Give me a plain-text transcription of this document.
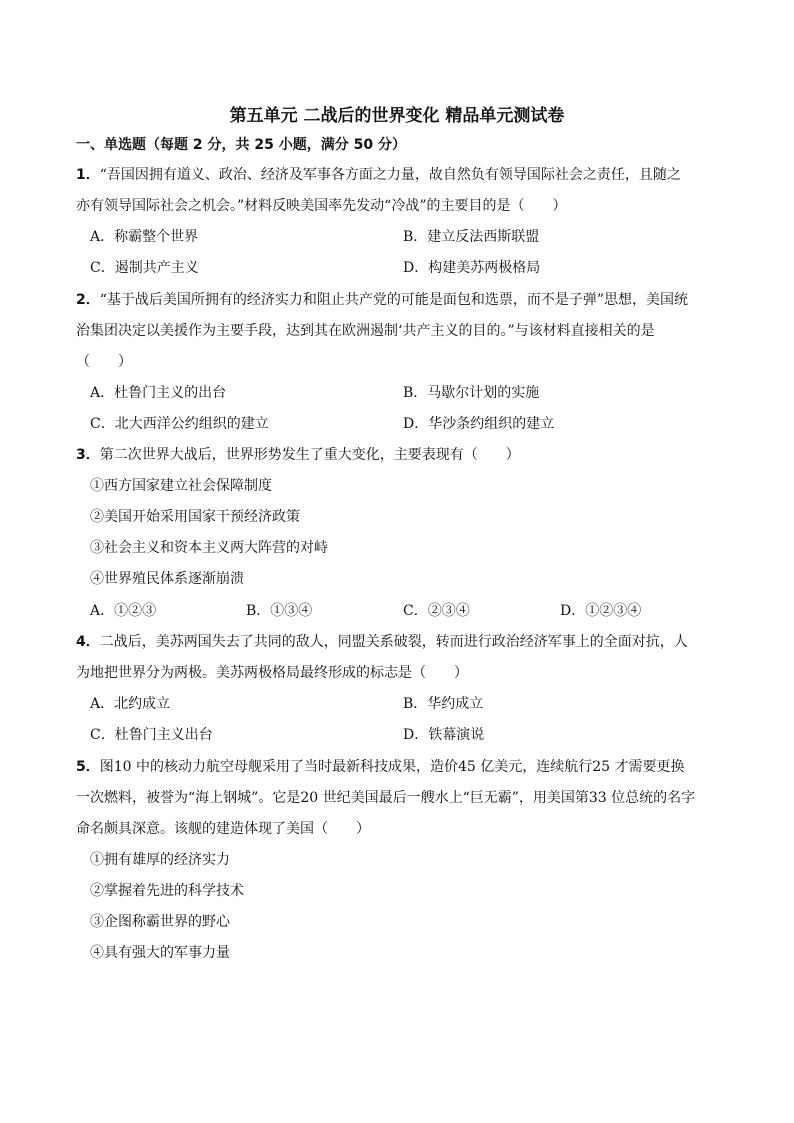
第五单元 二战后的世界变化 精品单元测试卷
一、单选题（每题 2 分，共 25 小题，满分 50 分）
1．“吾国因拥有道义、政治、经济及军事各方面之力量，故自然负有领导国际社会之责任，且随之
亦有领导国际社会之机会。”材料反映美国率先发动“冷战”的主要目的是（　　）
A．称霸整个世界	B．建立反法西斯联盟
C．遏制共产主义	D．构建美苏两极格局
2．“基于战后美国所拥有的经济实力和阻止共产党的可能是面包和选票，而不是子弹”思想，美国统
治集团决定以美援作为主要手段，达到其在欧洲遏制‘共产主义的目的。”与该材料直接相关的是
（　　）
A．杜鲁门主义的出台	B．马歇尔计划的实施
C．北大西洋公约组织的建立	D．华沙条约组织的建立
3．第二次世界大战后，世界形势发生了重大变化，主要表现有（　　）
①西方国家建立社会保障制度
②美国开始采用国家干预经济政策
③社会主义和资本主义两大阵营的对峙
④世界殖民体系逐渐崩溃
A．①②③	B．①③④	C．②③④	D．①②③④
4．二战后，美苏两国失去了共同的敌人，同盟关系破裂，转而进行政治经济军事上的全面对抗，人
为地把世界分为两极。美苏两极格局最终形成的标志是（　　）
A．北约成立	B．华约成立
C．杜鲁门主义出台	D．铁幕演说
5．图10 中的核动力航空母舰采用了当时最新科技成果，造价45 亿美元，连续航行25 才需要更换
一次燃料，被誉为“海上钢城”。它是20 世纪美国最后一艘水上“巨无霸”，用美国第33 位总统的名字
命名颇具深意。该舰的建造体现了美国（　　）
①拥有雄厚的经济实力
②掌握着先进的科学技术
③企图称霸世界的野心
④具有强大的军事力量
